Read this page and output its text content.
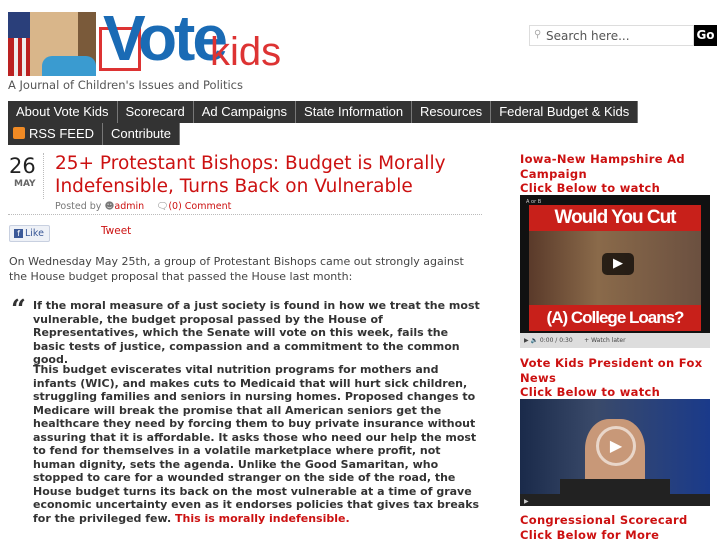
Vote
kids
A Journal of Children's Issues and Politics
⚲ Search here...	Go
About Vote Kids	Scorecard	Ad Campaigns	State Information	Resources	Federal Budget & Kids
RSS FEED	Contribute
26
MAY
25+ Protestant Bishops: Budget is Morally Indefensible, Turns Back on Vulnerable
Posted by ☻admin 🗨(0) Comment
f Like	Tweet
On Wednesday May 25th, a group of Protestant Bishops came out strongly against the House budget proposal that passed the House last month:
“ If the moral measure of a just society is found in how we treat the most vulnerable, the budget proposal passed by the House of Representatives, which the Senate will vote on this week, fails the basic tests of justice, compassion and a commitment to the common good.
This budget eviscerates vital nutrition programs for mothers and infants (WIC), and makes cuts to Medicaid that will hurt sick children, struggling families and seniors in nursing homes. Proposed changes to Medicare will break the promise that all American seniors get the healthcare they need by forcing them to buy private insurance without assuring that it is affordable. It asks those who need our help the most to fend for themselves in a volatile marketplace where profit, not human dignity, sets the agenda. Unlike the Good Samaritan, who stopped to care for a wounded stranger on the side of the road, the House budget turns its back on the most vulnerable at a time of grave economic uncertainty even as it endorses policies that gives tax breaks for the privileged few. This is morally indefensible.
Iowa-New Hampshire Ad Campaign
Click Below to watch
A or B
Would You Cut
(A) College Loans?
▶
▶ 🔈 0:00 / 0:30      + Watch later
Vote Kids President on Fox News
Click Below to watch
▶
▶
Congressional Scorecard
Click Below for More
